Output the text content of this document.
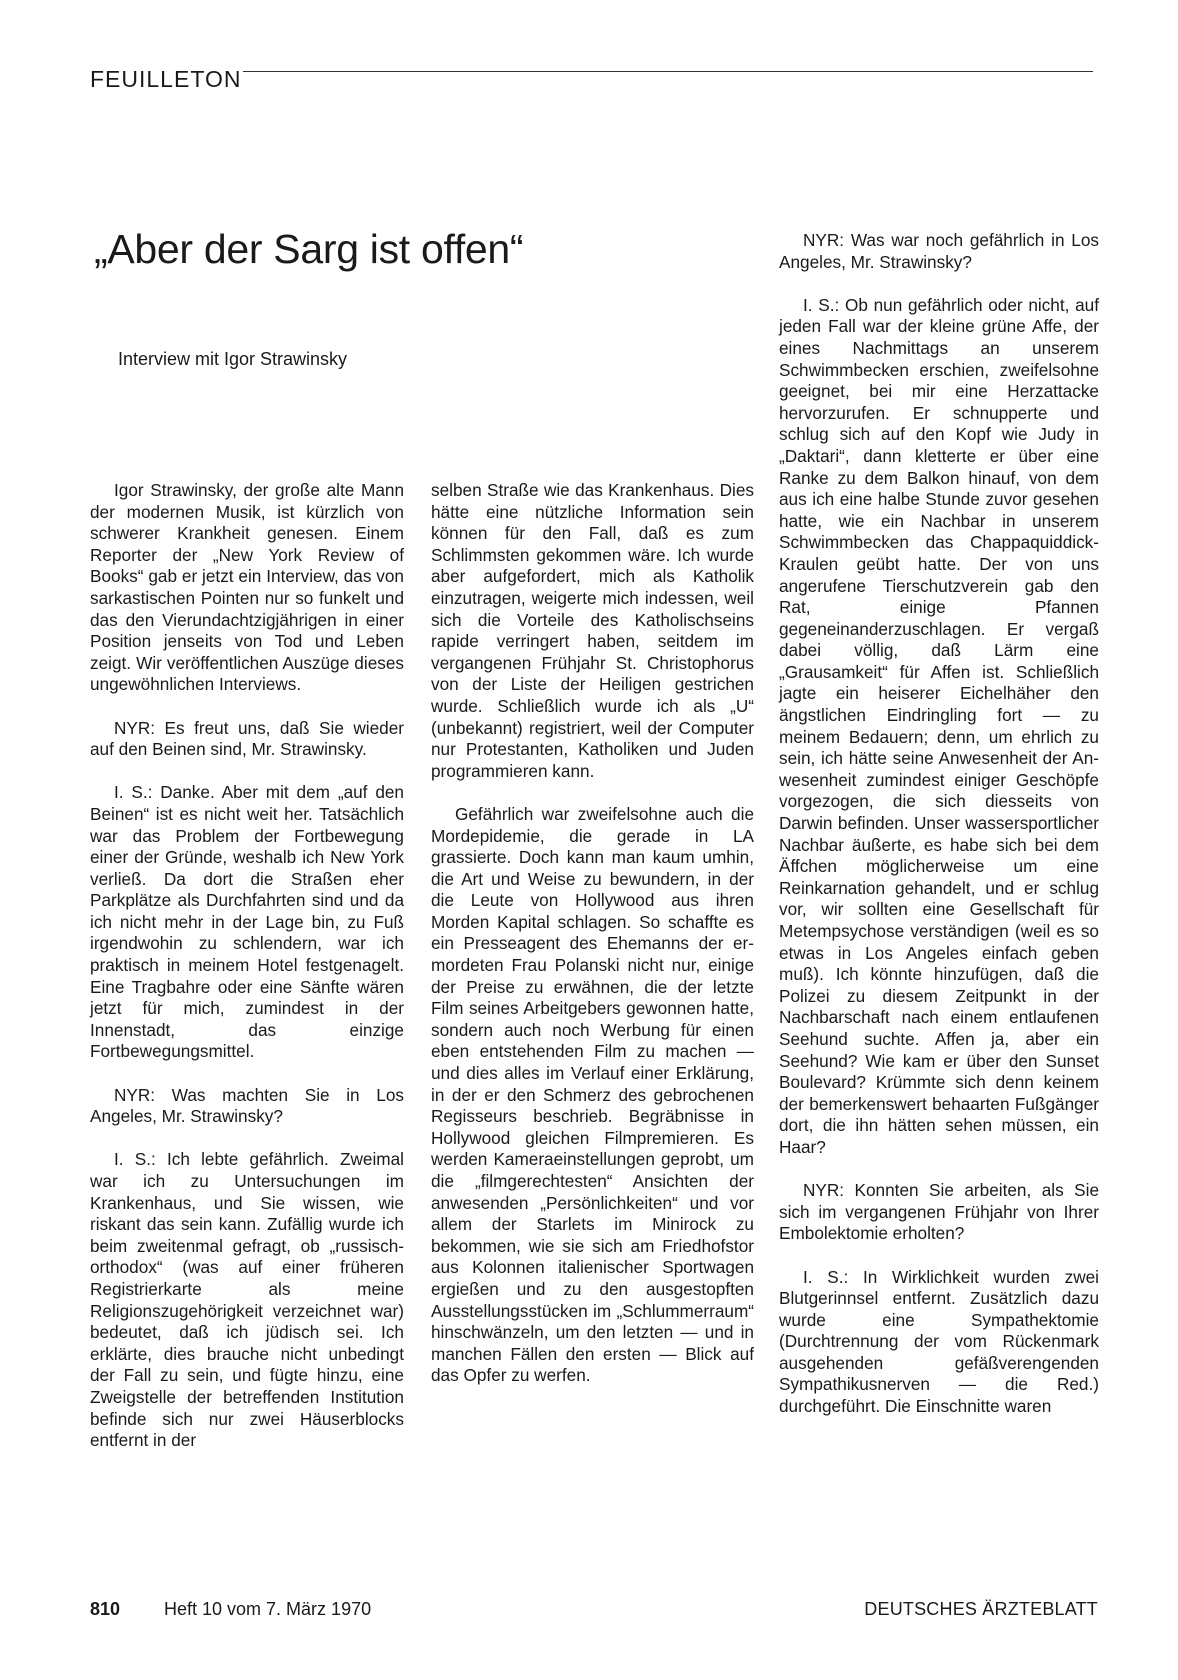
FEUILLETON
„Aber der Sarg ist offen“
Interview mit Igor Strawinsky

Igor Strawinsky, der große alte Mann der modernen Musik, ist kürzlich von schwerer Krankheit genesen. Einem Reporter der „New York Review of Books“ gab er jetzt ein Interview, das von sarkastischen Pointen nur so funkelt und das den Vierundachtzigjährigen in einer Position jenseits von Tod und Leben zeigt. Wir veröffentlichen Auszüge dieses ungewöhnlichen Interviews.

NYR: Es freut uns, daß Sie wieder auf den Beinen sind, Mr. Strawinsky.

I. S.: Danke. Aber mit dem „auf den Beinen“ ist es nicht weit her. Tatsächlich war das Problem der Fortbewegung einer der Gründe, weshalb ich New York verließ. Da dort die Straßen eher Parkplätze als Durchfahrten sind und da ich nicht mehr in der Lage bin, zu Fuß irgendwohin zu schlendern, war ich praktisch in meinem Hotel festgenagelt. Eine Tragbahre oder eine Sänfte wären jetzt für mich, zumindest in der Innenstadt, das einzige Fortbewegungsmittel.

NYR: Was machten Sie in Los Angeles, Mr. Strawinsky?

I. S.: Ich lebte gefährlich. Zweimal war ich zu Untersuchungen im Krankenhaus, und Sie wissen, wie riskant das sein kann. Zufällig wurde ich beim zweitenmal gefragt, ob „russisch-orthodox“ (was auf einer früheren Registrierkarte als meine Religionszugehörigkeit verzeichnet war) bedeutet, daß ich jüdisch sei. Ich erklärte, dies brauche nicht unbedingt der Fall zu sein, und fügte hinzu, eine Zweigstelle der betreffenden Institution befinde sich nur zwei Häuserblocks entfernt in der

selben Straße wie das Krankenhaus. Dies hätte eine nützliche Information sein können für den Fall, daß es zum Schlimmsten gekommen wäre. Ich wurde aber aufgefordert, mich als Katholik einzutragen, weigerte mich indessen, weil sich die Vorteile des Katholischseins rapide verringert haben, seitdem im vergangenen Frühjahr St. Christophorus von der Liste der Heiligen gestrichen wurde. Schließlich wurde ich als „U“ (unbekannt) registriert, weil der Computer nur Protestanten, Katholiken und Juden programmieren kann.

Gefährlich war zweifelsohne auch die Mordepidemie, die gerade in LA grassierte. Doch kann man kaum umhin, die Art und Weise zu bewundern, in der die Leute von Hollywood aus ihren Morden Kapital schlagen. So schaffte es ein Presseagent des Ehemanns der ermordeten Frau Polanski nicht nur, einige der Preise zu erwähnen, die der letzte Film seines Arbeitgebers gewonnen hatte, sondern auch noch Werbung für einen eben entstehenden Film zu machen — und dies alles im Verlauf einer Erklärung, in der er den Schmerz des gebrochenen Regisseurs beschrieb. Begräbnisse in Hollywood gleichen Filmpremieren. Es werden Kameraeinstellungen geprobt, um die „filmgerechtesten“ Ansichten der anwesenden „Persönlichkeiten“ und vor allem der Starlets im Minirock zu bekommen, wie sie sich am Friedhofstor aus Kolonnen italienischer Sportwagen ergießen und zu den ausgestopften Ausstellungsstücken im „Schlummerraum“ hinschwänzeln, um den letzten — und in manchen Fällen den ersten — Blick auf das Opfer zu werfen.

NYR: Was war noch gefährlich in Los Angeles, Mr. Strawinsky?

I. S.: Ob nun gefährlich oder nicht, auf jeden Fall war der kleine grüne Affe, der eines Nachmittags an unserem Schwimmbecken erschien, zweifelsohne geeignet, bei mir eine Herzattacke hervorzurufen. Er schnupperte und schlug sich auf den Kopf wie Judy in „Daktari“, dann kletterte er über eine Ranke zu dem Balkon hinauf, von dem aus ich eine halbe Stunde zuvor gesehen hatte, wie ein Nachbar in unserem Schwimmbecken das Chappaquiddick-Kraulen geübt hatte. Der von uns angerufene Tierschutzverein gab den Rat, einige Pfannen gegeneinanderzuschlagen. Er vergaß dabei völlig, daß Lärm eine „Grausamkeit“ für Affen ist. Schließlich jagte ein heiserer Eichelhäher den ängstlichen Eindringling fort — zu meinem Bedauern; denn, um ehrlich zu sein, ich hätte seine Anwesenheit der Anwesenheit zumindest einiger Geschöpfe vorgezogen, die sich diesseits von Darwin befinden. Unser wassersportlicher Nachbar äußerte, es habe sich bei dem Äffchen möglicherweise um eine Reinkarnation gehandelt, und er schlug vor, wir sollten eine Gesellschaft für Metempsychose verständigen (weil es so etwas in Los Angeles einfach geben muß). Ich könnte hinzufügen, daß die Polizei zu diesem Zeitpunkt in der Nachbarschaft nach einem entlaufenen Seehund suchte. Affen ja, aber ein Seehund? Wie kam er über den Sunset Boulevard? Krümmte sich denn keinem der bemerkenswert behaarten Fußgänger dort, die ihn hätten sehen müssen, ein Haar?

NYR: Konnten Sie arbeiten, als Sie sich im vergangenen Frühjahr von Ihrer Embolektomie erholten?

I. S.: In Wirklichkeit wurden zwei Blutgerinnsel entfernt. Zusätzlich dazu wurde eine Sympathektomie (Durchtrennung der vom Rückenmark ausgehenden gefäßverengenden Sympathikusnerven — die Red.) durchgeführt. Die Einschnitte waren

810 Heft 10 vom 7. März 1970	DEUTSCHES ÄRZTEBLATT
